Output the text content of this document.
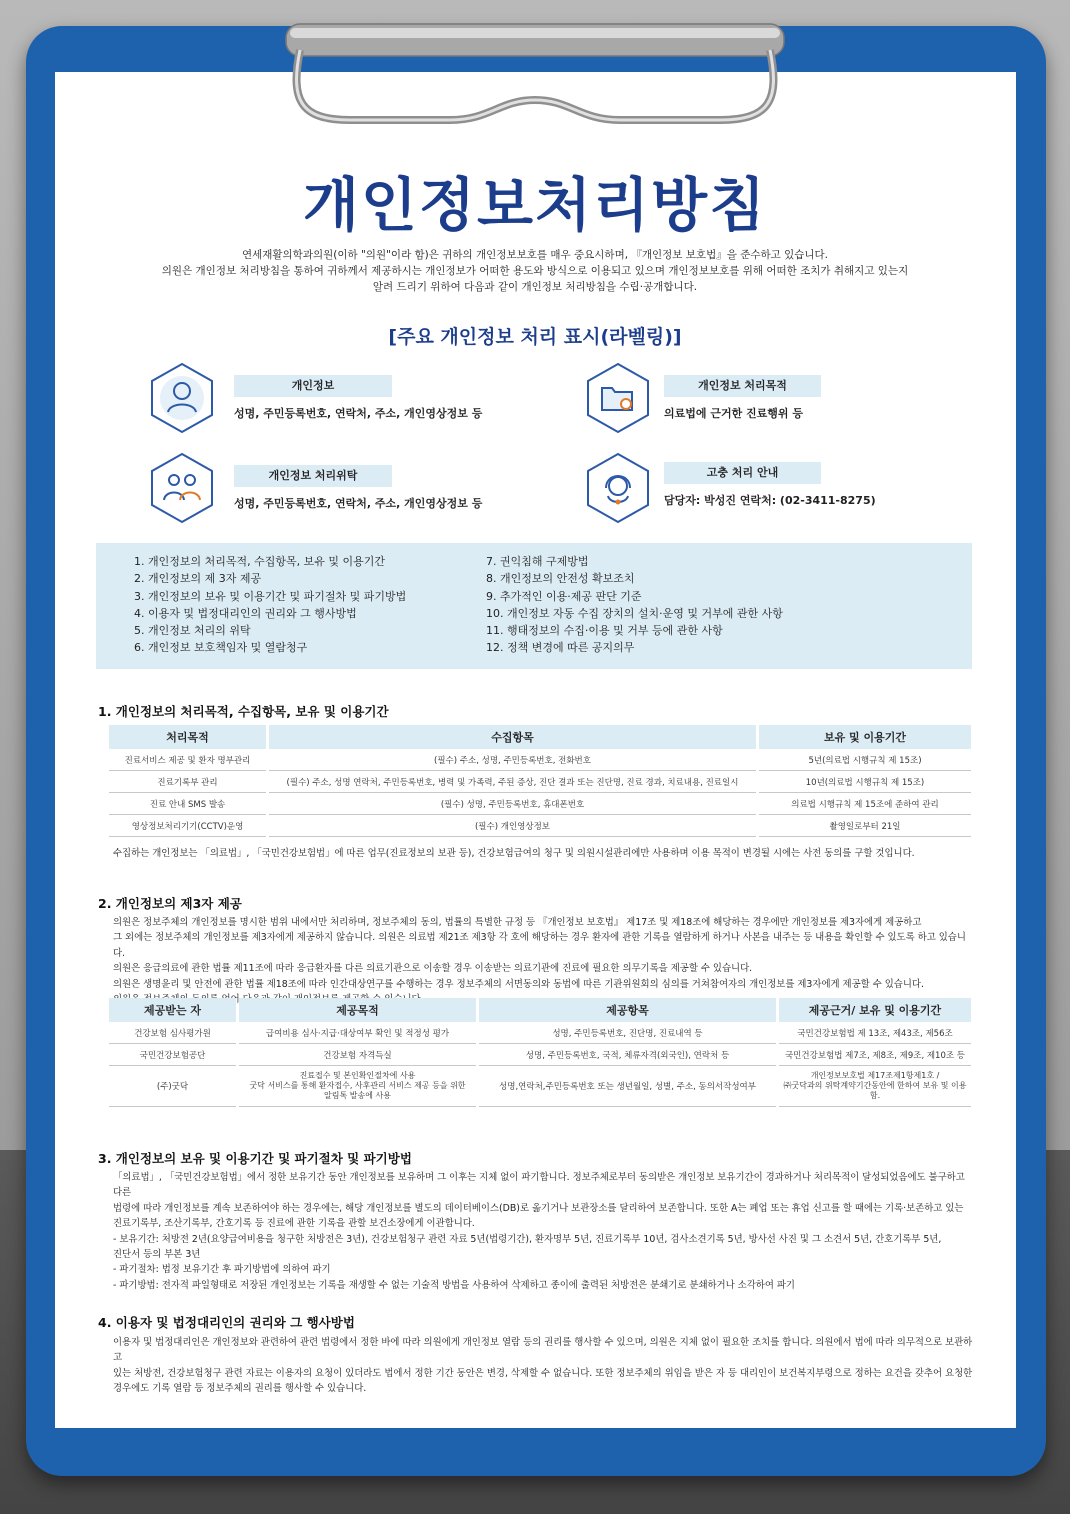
개인정보처리방침
연세재활의학과의원(이하 "의원"이라 함)은 귀하의 개인정보보호를 매우 중요시하며, 『개인정보 보호법』을 준수하고 있습니다.
의원은 개인정보 처리방침을 통하여 귀하께서 제공하시는 개인정보가 어떠한 용도와 방식으로 이용되고 있으며 개인정보보호를 위해 어떠한 조치가 취해지고 있는지
알려 드리기 위하여 다음과 같이 개인정보 처리방침을 수립·공개합니다.
[주요 개인정보 처리 표시(라벨링)]
개인정보
성명, 주민등록번호, 연락처, 주소, 개인영상정보 등
개인정보 처리목적
의료법에 근거한 진료행위 등
개인정보 처리위탁
성명, 주민등록번호, 연락처, 주소, 개인영상정보 등
고충 처리 안내
담당자: 박성진 연락처: (02-3411-8275)
1. 개인정보의 처리목적, 수집항목, 보유 및 이용기간
2. 개인정보의 제 3자 제공
3. 개인정보의 보유 및 이용기간 및 파기절차 및 파기방법
4. 이용자 및 법정대리인의 권리와 그 행사방법
5. 개인정보 처리의 위탁
6. 개인정보 보호책임자 및 열람청구
7. 권익침해 구제방법
8. 개인정보의 안전성 확보조치
9. 추가적인 이용·제공 판단 기준
10. 개인정보 자동 수집 장치의 설치·운영 및 거부에 관한 사항
11. 행태정보의 수집·이용 및 거부 등에 관한 사항
12. 정책 변경에 따른 공지의무
1. 개인정보의 처리목적, 수집항목, 보유 및 이용기간
처리목적	수집항목	보유 및 이용기간
진료서비스 제공 및 환자 명부관리	(필수) 주소, 성명, 주민등록번호, 전화번호	5년(의료법 시행규칙 제 15조)
진료기록부 관리	(필수) 주소, 성명 연락처, 주민등록번호, 병력 및 가족력, 주된 증상, 진단 결과 또는 진단명, 진료 경과, 치료내용, 진료일시	10년(의료법 시행규칙 제 15조)
진료 안내 SMS 발송	(필수) 성명, 주민등록번호, 휴대폰번호	의료법 시행규칙 제 15조에 준하여 관리
영상정보처리기기(CCTV)운영	(필수) 개인영상정보	촬영일로부터 21일
수집하는 개인정보는 「의료법」, 「국민건강보험법」에 따른 업무(진료정보의 보관 등), 건강보험급여의 청구 및 의원시설관리에만 사용하며 이용 목적이 변경될 시에는 사전 동의를 구할 것입니다.
2. 개인정보의 제3자 제공
의원은 정보주체의 개인정보를 명시한 범위 내에서만 처리하며, 정보주체의 동의, 법률의 특별한 규정 등 『개인정보 보호법』 제17조 및 제18조에 해당하는 경우에만 개인정보를 제3자에게 제공하고
그 외에는 정보주체의 개인정보를 제3자에게 제공하지 않습니다. 의원은 의료법 제21조 제3항 각 호에 해당하는 경우 환자에 관한 기록을 열람하게 하거나 사본을 내주는 등 내용을 확인할 수 있도록 하고 있습니다.
의원은 응급의료에 관한 법률 제11조에 따라 응급환자를 다른 의료기관으로 이송할 경우 이송받는 의료기관에 진료에 필요한 의무기록을 제공할 수 있습니다.
의원은 생명윤리 및 안전에 관한 법률 제18조에 따라 인간대상연구를 수행하는 경우 정보주체의 서면동의와 동법에 따른 기관위원회의 심의를 거쳐참여자의 개인정보를 제3자에게 제공할 수 있습니다.
제공받는 자	제공목적	제공항목	제공근거/ 보유 및 이용기간
건강보험 심사평가원	급여비용 심사·지급·대상여부 확인 및 적정성 평가	성명, 주민등록번호, 진단명, 진료내역 등	국민건강보험법 제 13조, 제43조, 제56조
국민건강보험공단	건강보험 자격득실	성명, 주민등록번호, 국적, 체류자격(외국인), 연락처 등	국민건강보험법 제7조, 제8조, 제9조, 제10조 등
(주)굿닥	진료접수 및 본인확인절차에 사용
굿닥 서비스를 통해 환자접수, 사후관리 서비스 제공 등을 위한
알림톡 발송에 사용	성명,연락처,주민등록번호 또는 생년월일, 성별, 주소, 동의서작성여부	개인정보보호법 제17조제1항제1호 /
㈜굿닥과의 위탁계약기간동안에 한하여 보유 및 이용함.
3. 개인정보의 보유 및 이용기간 및 파기절차 및 파기방법
「의료법」, 「국민건강보험법」에서 정한 보유기간 동안 개인정보를 보유하며 그 이후는 지체 없이 파기합니다. 정보주체로부터 동의받은 개인정보 보유기간이 경과하거나 처리목적이 달성되었음에도 불구하고 다른
법령에 따라 개인정보를 계속 보존하여야 하는 경우에는, 해당 개인정보를 별도의 데이터베이스(DB)로 옮기거나 보관장소를 달리하여 보존합니다. 또한 A는 폐업 또는 휴업 신고를 할 때에는 기록·보존하고 있는
진료기록부, 조산기록부, 간호기록 등 진료에 관한 기록을 관할 보건소장에게 이관합니다.
- 보유기간: 처방전 2년(요양급여비용을 청구한 처방전은 3년), 건강보험청구 관련 자료 5년(법령기간), 환자명부 5년, 진료기록부 10년, 검사소견기록 5년, 방사선 사진 및 그 소견서 5년, 간호기록부 5년,
진단서 등의 부본 3년
- 파기절차: 법정 보유기간 후 파기방법에 의하여 파기
- 파기방법: 전자적 파일형태로 저장된 개인정보는 기록을 재생할 수 없는 기술적 방법을 사용하여 삭제하고 종이에 출력된 처방전은 분쇄기로 분쇄하거나 소각하여 파기
4. 이용자 및 법정대리인의 권리와 그 행사방법
이용자 및 법정대리인은 개인정보와 관련하여 관련 법령에서 정한 바에 따라 의원에게 개인정보 열람 등의 권리를 행사할 수 있으며, 의원은 지체 없이 필요한 조치를 합니다. 의원에서 법에 따라 의무적으로 보관하고
있는 처방전, 건강보험청구 관련 자료는 이용자의 요청이 있더라도 법에서 정한 기간 동안은 변경, 삭제할 수 없습니다. 또한 정보주체의 위임을 받은 자 등 대리인이 보건복지부령으로 정하는 요건을 갖추어 요청한
경우에도 기록 열람 등 정보주체의 권리를 행사할 수 있습니다.
